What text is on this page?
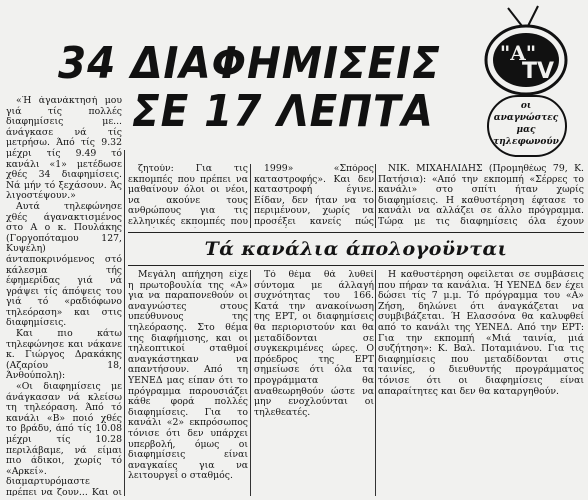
34 ΔΙΑΦΗΜΙΣΕΙΣ
ΣΕ 17 ΛΕΠΤΑ
"Α"
TV
οι
αναγνώστες
μας
τηλεφωνούν

«Ή άγανάκτησή μου γιά τίς πολλές διαφημίσεις με... άνάγκασε νά τίς μετρήσω. Άπό τίς 9.32 μέχρι τίς 9.49 τό κανάλι «1» μετέδωσε χθές 34 διαφημίσεις. Νά μήν τό ξεχάσουν. Άς λιγοστέψουν.»

Αυτά τηλεφώνησε χθές άγανακτισμένος στο Α ο κ. Πουλάκης (Γοργοπόταμου 127, Κυψέλη) άνταποκρινόμενος στό κάλεσμα τής έφημερίδας γιά νά γράψει τίς άπόψεις του γιά τό «ραδιόφωνο τηλεόραση» και στις διαφημίσεις.

Και πιο κάτω τηλεφώνησε και νάκανε κ. Γιώργος Δρακάκης (Αζαρίου 18, Άνθούπολη):

«Οι διαφημίσεις με άνάγκασαν νά κλείσω τη τηλεόραση. Άπό τό κανάλι «Β» ποιό χθές το βράδυ, άπό τίς 10.08 μέχρι τίς 10.28 περιλάβαμε, νά είμαι πιο άδικοι, χωρίς τό «Αρκεί». διαμαρτυρόμαστε πρέπει να ζουν... Και οι

ζητούν: Για τις εκπομπές που πρέπει να μαθαίνουν όλοι οι νέοι, να ακούνε τους ανθρώπους για τις ελληνικές εκπομπές που

1999» «Σπόρος καταστροφής». Και δεν καταστροφή έγινε. Είδαν, δεν ήταν να το περιμένουν, χωρίς να προσέξει κανείς πώς

ΝΙΚ. ΜΙΧΑΗΛΙΔΗΣ (Προμηθέως 79, Κ. Πατήσια): «Από την εκπομπή «Σέρρες το κανάλι» στο σπίτι ήταν χωρίς διαφημίσεις. Η καθυστέρηση έφτασε το κανάλι να αλλάζει σε άλλο πρόγραμμα. Τώρα με τις διαφημίσεις όλα έχουν

Τά κανάλια άπολογοϋνται

Μεγάλη απήχηση είχε η πρωτοβουλία της «Α» για να παραπονεθούν οι αναγνώστες στους υπεύθυνους της τηλεόρασης. Στο θέμα της διαφήμισης, και οι τηλεοπτικοί σταθμοί αναγκάστηκαν να απαντήσουν. Από τη ΥΕΝΕΔ μας είπαν ότι το πρόγραμμα παρουσιάζει κάθε φορά πολλές διαφημίσεις. Για το κανάλι «2» εκπρόσωπος τόνισε ότι δεν υπάρχει υπερβολή, όμως οι διαφημίσεις είναι αναγκαίες για να λειτουργεί ο σταθμός.

Τό θέμα θά λυθεί σύντομα με άλλαγή συχνότητας του 166. Κατά την ανακοίνωση της ΕΡΤ, οι διαφημίσεις θα περιοριστούν και θα μεταδίδονται σε συγκεκριμένες ώρες. Ο πρόεδρος της ΕΡΤ σημείωσε ότι όλα τα προγράμματα θα αναθεωρηθούν ώστε να μην ενοχλούνται οι τηλεθεατές.

Η καθυστέρηση οφείλεται σε συμβάσεις που πήραν τα κανάλια. Ή ΥΕΝΕΔ δεν έχει δώσει τίς 7 μ.μ. Τό πρόγραμμα του «Α» Ζήση, δηλώνει ότι άναγκάζεται να συμβιβάζεται. Ή Ελασσόνα θα καλυφθεί από το κανάλι της ΥΕΝΕΔ. Από την ΕΡΤ: Για την εκπομπή «Μιά ταινία, μιά συζήτηση»: Κ. Βαλ. Ποταμιάνου. Για τις διαφημίσεις που μεταδίδονται στις ταινίες, ο διευθυντής προγράμματος τόνισε ότι οι διαφημίσεις είναι απαραίτητες και δεν θα καταργηθούν.
